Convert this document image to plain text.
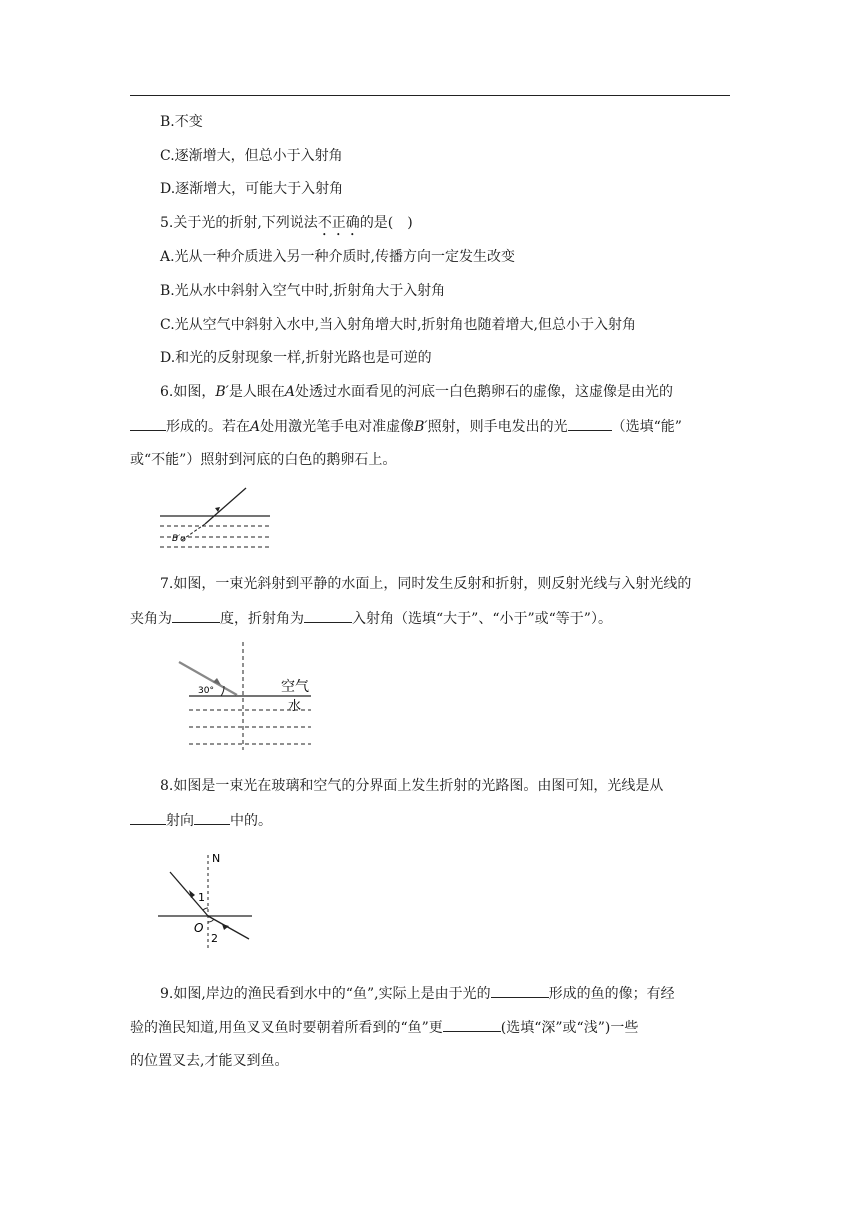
B.不变
C.逐渐增大，但总小于入射角
D.逐渐增大，可能大于入射角
5.关于光的折射,下列说法不正确的是(　)
A.光从一种介质进入另一种介质时,传播方向一定发生改变
B.光从水中斜射入空气中时,折射角大于入射角
C.光从空气中斜射入水中,当入射角增大时,折射角也随着增大,但总小于入射角
D.和光的反射现象一样,折射光路也是可逆的
6.如图，B′是人眼在A处透过水面看见的河底一白色鹅卵石的虚像，这虚像是由光的
形成的。若在A处用激光笔手电对准虚像B′照射，则手电发出的光	（选填“能”
或“不能”）照射到河底的白色的鹅卵石上。
B′
7.如图，一束光斜射到平静的水面上，同时发生反射和折射，则反射光线与入射光线的
夹角为	度，折射角为	入射角（选填“大于”、“小于”或“等于”）。
30°	空气
水
8.如图是一束光在玻璃和空气的分界面上发生折射的光路图。由图可知，光线是从
射向	中的。
N
1
O
2
9.如图,岸边的渔民看到水中的“鱼”,实际上是由于光的	形成的鱼的像；有经
验的渔民知道,用鱼叉叉鱼时要朝着所看到的“鱼”更	(选填“深”或“浅”)一些
的位置叉去,才能叉到鱼。
